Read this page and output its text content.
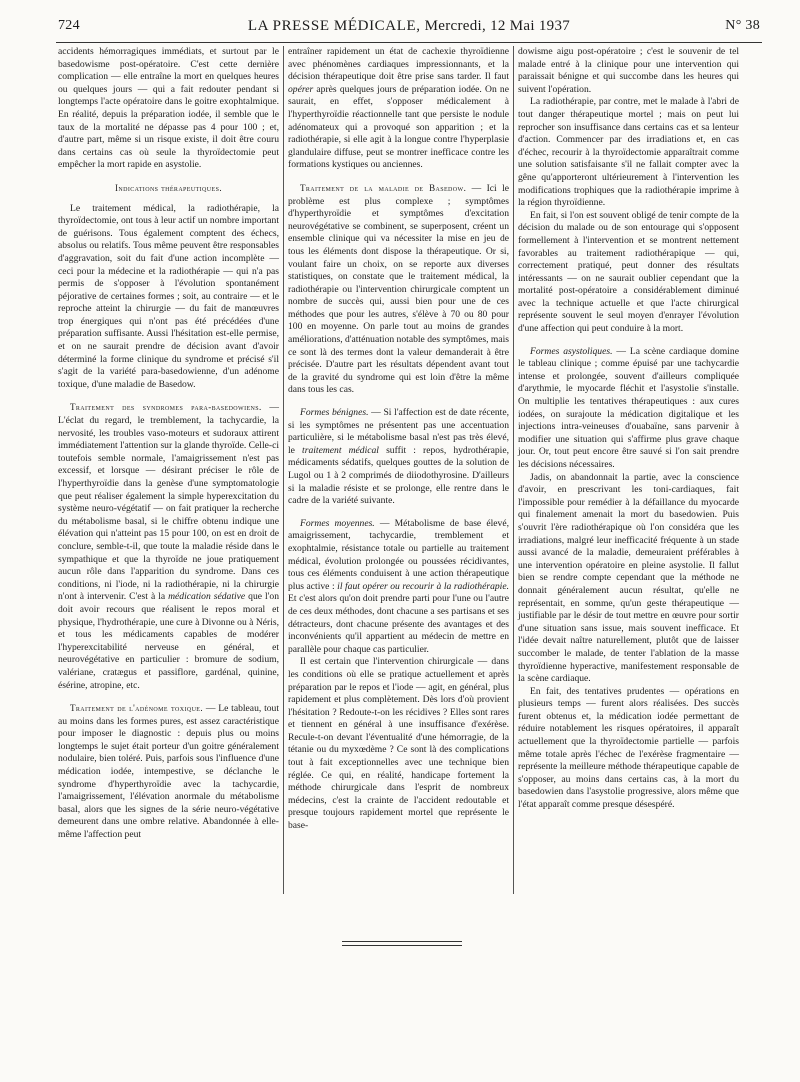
724	LA PRESSE MÉDICALE, Mercredi, 12 Mai 1937	N° 38

accidents hémorragiques immédiats, et surtout par le basedowisme post-opératoire. C'est cette dernière complication — elle entraîne la mort en quelques heures ou quelques jours — qui a fait redouter pendant si longtemps l'acte opératoire dans le goitre exophtalmique. En réalité, depuis la préparation iodée, il semble que le taux de la mortalité ne dépasse pas 4 pour 100 ; et, d'autre part, même si un risque existe, il doit être couru dans certains cas où seule la thyroïdectomie peut empêcher la mort rapide en asystolie.

Indications thérapeutiques.

Le traitement médical, la radiothérapie, la thyroïdectomie, ont tous à leur actif un nombre important de guérisons. Tous également comptent des échecs, absolus ou relatifs. Tous même peuvent être responsables d'aggravation, soit du fait d'une action incomplète — ceci pour la médecine et la radiothérapie — qui n'a pas permis de s'opposer à l'évolution spontanément péjorative de certaines formes ; soit, au contraire — et le reproche atteint la chirurgie — du fait de manœuvres trop énergiques qui n'ont pas été précédées d'une préparation suffisante. Aussi l'hésitation est-elle permise, et on ne saurait prendre de décision avant d'avoir déterminé la forme clinique du syndrome et précisé s'il s'agit de la variété para-basedowienne, d'un adénome toxique, d'une maladie de Basedow.

Traitement des syndromes para-basedowiens. — L'éclat du regard, le tremblement, la tachycardie, la nervosité, les troubles vaso-moteurs et sudoraux attirent immédiatement l'attention sur la glande thyroïde. Celle-ci toutefois semble normale, l'amaigrissement n'est pas excessif, et lorsque — désirant préciser le rôle de l'hyperthyroïdie dans la genèse d'une symptomatologie que peut réaliser également la simple hyperexcitation du système neuro-végétatif — on fait pratiquer la recherche du métabolisme basal, si le chiffre obtenu indique une élévation qui n'atteint pas 15 pour 100, on est en droit de conclure, semble-t-il, que toute la maladie réside dans le sympathique et que la thyroïde ne joue pratiquement aucun rôle dans l'apparition du syndrome. Dans ces conditions, ni l'iode, ni la radiothérapie, ni la chirurgie n'ont à intervenir. C'est à la médication sédative que l'on doit avoir recours que réalisent le repos moral et physique, l'hydrothérapie, une cure à Divonne ou à Néris, et tous les médicaments capables de modérer l'hyperexcitabilité nerveuse en général, et neurovégétative en particulier : bromure de sodium, valériane, cratægus et passiflore, gardénal, quinine, ésérine, atropine, etc.

Traitement de l'adénome toxique. — Le tableau, tout au moins dans les formes pures, est assez caractéristique pour imposer le diagnostic : depuis plus ou moins longtemps le sujet était porteur d'un goitre généralement nodulaire, bien toléré. Puis, parfois sous l'influence d'une médication iodée, intempestive, se déclanche le syndrome d'hyperthyroïdie avec la tachycardie, l'amaigrissement, l'élévation anormale du métabolisme basal, alors que les signes de la série neuro-végétative demeurent dans une ombre relative. Abandonnée à elle-même l'affection peut

entraîner rapidement un état de cachexie thyroïdienne avec phénomènes cardiaques impressionnants, et la décision thérapeutique doit être prise sans tarder. Il faut opérer après quelques jours de préparation iodée. On ne saurait, en effet, s'opposer médicalement à l'hyperthyroïdie réactionnelle tant que persiste le nodule adénomateux qui a provoqué son apparition ; et la radiothérapie, si elle agit à la longue contre l'hyperplasie glandulaire diffuse, peut se montrer inefficace contre les formations kystiques ou anciennes.

Traitement de la maladie de Basedow. — Ici le problème est plus complexe ; symptômes d'hyperthyroïdie et symptômes d'excitation neurovégétative se combinent, se superposent, créent un ensemble clinique qui va nécessiter la mise en jeu de tous les éléments dont dispose la thérapeutique. Or si, voulant faire un choix, on se reporte aux diverses statistiques, on constate que le traitement médical, la radiothérapie ou l'intervention chirurgicale comptent un nombre de succès qui, aussi bien pour une de ces méthodes que pour les autres, s'élève à 70 ou 80 pour 100 en moyenne. On parle tout au moins de grandes améliorations, d'atténuation notable des symptômes, mais ce sont là des termes dont la valeur demanderait à être précisée. D'autre part les résultats dépendent avant tout de la gravité du syndrome qui est loin d'être la même dans tous les cas.

Formes bénignes. — Si l'affection est de date récente, si les symptômes ne présentent pas une accentuation particulière, si le métabolisme basal n'est pas très élevé, le traitement médical suffit : repos, hydrothérapie, médicaments sédatifs, quelques gouttes de la solution de Lugol ou 1 à 2 comprimés de diiodothyrosine. D'ailleurs si la maladie résiste et se prolonge, elle rentre dans le cadre de la variété suivante.

Formes moyennes. — Métabolisme de base élevé, amaigrissement, tachycardie, tremblement et exophtalmie, résistance totale ou partielle au traitement médical, évolution prolongée ou poussées récidivantes, tous ces éléments conduisent à une action thérapeutique plus active : il faut opérer ou recourir à la radiothérapie. Et c'est alors qu'on doit prendre parti pour l'une ou l'autre de ces deux méthodes, dont chacune a ses partisans et ses détracteurs, dont chacune présente des avantages et des inconvénients qu'il appartient au médecin de mettre en parallèle pour chaque cas particulier.

Il est certain que l'intervention chirurgicale — dans les conditions où elle se pratique actuellement et après préparation par le repos et l'iode — agit, en général, plus rapidement et plus complètement. Dès lors d'où provient l'hésitation ? Redoute-t-on les récidives ? Elles sont rares et tiennent en général à une insuffisance d'exérèse. Recule-t-on devant l'éventualité d'une hémorragie, de la tétanie ou du myxœdème ? Ce sont là des complications tout à fait exceptionnelles avec une technique bien réglée. Ce qui, en réalité, handicape fortement la méthode chirurgicale dans l'esprit de nombreux médecins, c'est la crainte de l'accident redoutable et presque toujours rapidement mortel que représente le base-

dowisme aigu post-opératoire ; c'est le souvenir de tel malade entré à la clinique pour une intervention qui paraissait bénigne et qui succombe dans les heures qui suivent l'opération.

La radiothérapie, par contre, met le malade à l'abri de tout danger thérapeutique mortel ; mais on peut lui reprocher son insuffisance dans certains cas et sa lenteur d'action. Commencer par des irradiations et, en cas d'échec, recourir à la thyroïdectomie apparaîtrait comme une solution satisfaisante s'il ne fallait compter avec la gêne qu'apporteront ultérieurement à l'intervention les modifications trophiques que la radiothérapie imprime à la région thyroïdienne.

En fait, si l'on est souvent obligé de tenir compte de la décision du malade ou de son entourage qui s'opposent formellement à l'intervention et se montrent nettement favorables au traitement radiothérapique — qui, correctement pratiqué, peut donner des résultats intéressants — on ne saurait oublier cependant que la mortalité post-opératoire a considérablement diminué avec la technique actuelle et que l'acte chirurgical représente souvent le seul moyen d'enrayer l'évolution d'une affection qui peut conduire à la mort.

Formes asystoliques. — La scène cardiaque domine le tableau clinique ; comme épuisé par une tachycardie intense et prolongée, souvent d'ailleurs compliquée d'arythmie, le myocarde fléchit et l'asystolie s'installe. On multiplie les tentatives thérapeutiques : aux cures iodées, on surajoute la médication digitalique et les injections intra-veineuses d'ouabaïne, sans parvenir à modifier une situation qui s'affirme plus grave chaque jour. Or, tout peut encore être sauvé si l'on sait prendre les décisions nécessaires.

Jadis, on abandonnait la partie, avec la conscience d'avoir, en prescrivant les toni-cardiaques, fait l'impossible pour remédier à la défaillance du myocarde qui finalement amenait la mort du basedowien. Puis s'ouvrit l'ère radiothérapique où l'on considéra que les irradiations, malgré leur inefficacité fréquente à un stade aussi avancé de la maladie, demeuraient préférables à une intervention opératoire en pleine asystolie. Il fallut bien se rendre compte cependant que la méthode ne donnait généralement aucun résultat, qu'elle ne représentait, en somme, qu'un geste thérapeutique — justifiable par le désir de tout mettre en œuvre pour sortir d'une situation sans issue, mais souvent inefficace. Et l'idée devait naître naturellement, plutôt que de laisser succomber le malade, de tenter l'ablation de la masse thyroïdienne hyperactive, manifestement responsable de la scène cardiaque.

En fait, des tentatives prudentes — opérations en plusieurs temps — furent alors réalisées. Des succès furent obtenus et, la médication iodée permettant de réduire notablement les risques opératoires, il apparaît actuellement que la thyroïdectomie partielle — parfois même totale après l'échec de l'exérèse fragmentaire — représente la meilleure méthode thérapeutique capable de s'opposer, au moins dans certains cas, à la mort du basedowien dans l'asystolie progressive, alors même que l'état apparaît comme presque désespéré.
